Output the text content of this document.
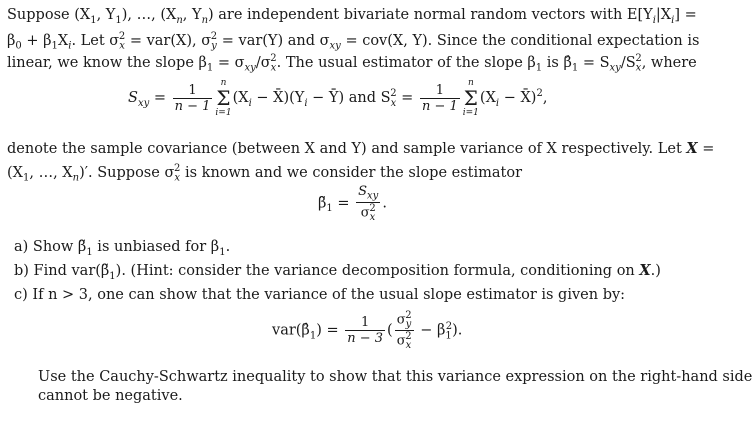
Suppose ($X_1$, $Y_1$), …, ($X_n$, $Y_n$) are independent bivariate normal random vectors with $E[Y_i|X_i]$ =
$\beta_0 + \beta_1X_i$. Let $\sigma_x^2 = var(X)$, $\sigma_y^2 = var(Y)$ and $\sigma_{xy} = cov(X$, Y). Since the conditional expectation is
linear, we know the slope $\beta_1 = \sigma_{xy}/\sigma_x^2$. The usual estimator of the slope $\beta_1$ is $\betâ_1 = S_{xy}/S_x^2$, where
$S_{xy} = \frac{1}{n - 1}$ n
Σ
i=1
($X_i$ − $X̄)(Y_i$ − Ȳ) and $S_x^2 = \frac{1}{n - 1}$ n
Σ
i=1
($X_i$ − X̄)$^2$,
denote the sample covariance (between X and Y) and sample variance of X respectively. Let X =
($X_1$, …, $X_n)'$. Suppose $\sigma_x^2$ is known and we consider the slope estimator
$\betã_1 = \frac{S_{xy}}{\sigma_x^2}$ .
a) Show $\betã_1$ is unbiased for $\beta_1$.
b) Find $var(\betã_1)$. (Hint: consider the variance decomposition formula, conditioning on X.)
c) If n > 3, one can show that the variance of the usual slope estimator is given by:
$var(\betâ_1) = \frac{1}{n - 3}$ ( $\frac{\sigma_y^2}{\sigma_x^2} - \beta_1^2$).
Use the Cauchy-Schwartz inequality to show that this variance expression on the right-hand side
cannot be negative.
